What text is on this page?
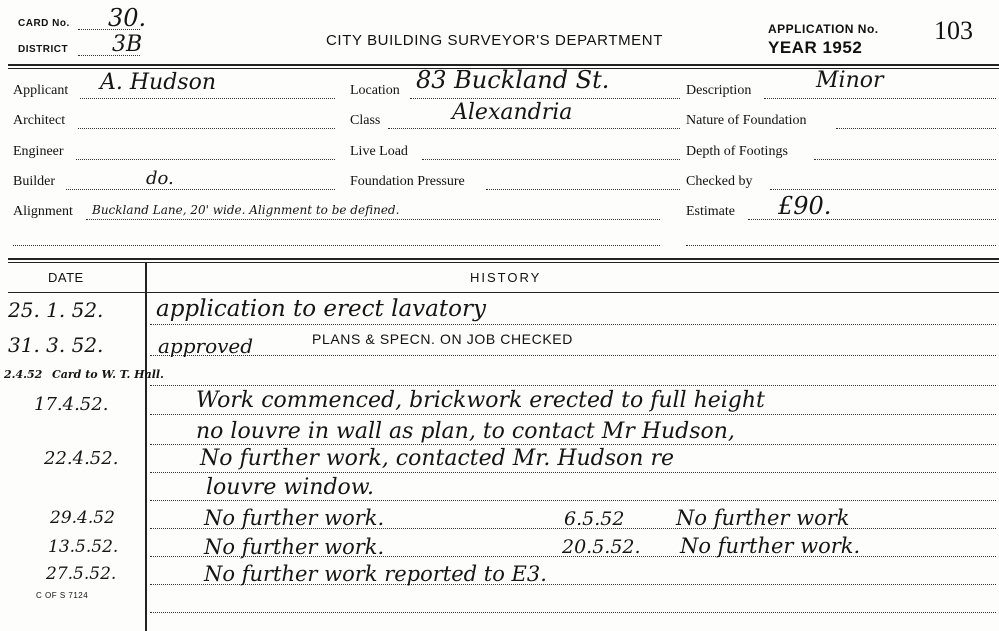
CARD No. 30.
DISTRICT 3B	CITY BUILDING SURVEYOR'S DEPARTMENT
APPLICATION No. 103
YEAR 1952
Applicant A. Hudson
Architect
Engineer
Builder	do.
Alignment Buckland Lane, 20' wide. Alignment to be defined.
Location 83 Buckland St.
Class	Alexandria
Live Load
Foundation Pressure
Description	Minor
Nature of Foundation
Depth of Footings
Checked by
Estimate £90.
DATE	HISTORY
25. 1. 52. application to erect lavatory
31. 3. 52.	approved	PLANS & SPECN. ON JOB CHECKED
2.4.52 Card to W. T. Hall.
17.4.52.	Work commenced, brickwork erected to full height
no louvre in wall as plan, to contact Mr Hudson,
22.4.52.	No further work, contacted Mr. Hudson re
louvre window.
29.4.52	No further work.	6.5.52 No further work
13.5.52.	No further work.	20.5.52. No further work.
27.5.52.	No further work reported to E3.
C OF S 7124
